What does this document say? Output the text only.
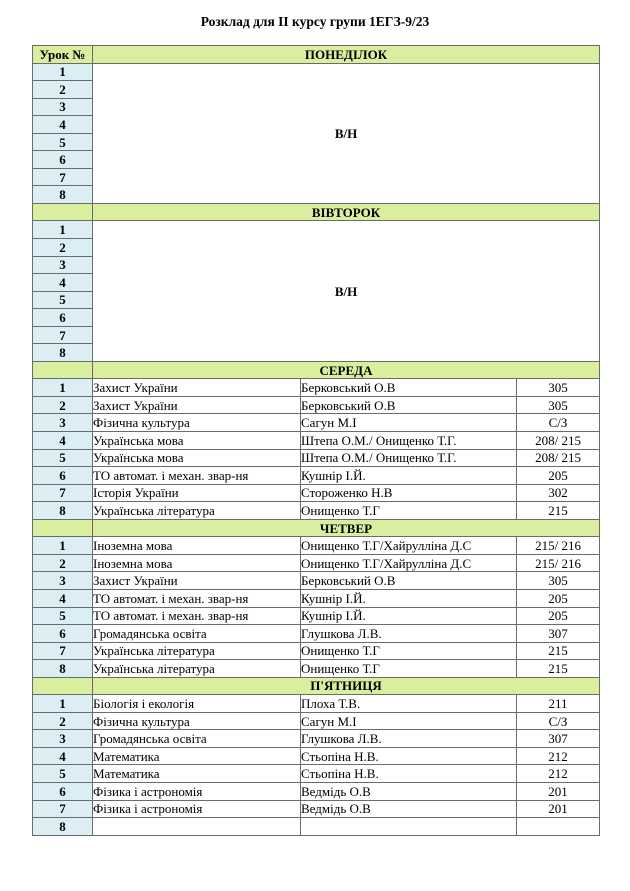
Розклад для ІІ курсу групи 1ЕГЗ-9/23
Урок №	ПОНЕДІЛОК		
1	В/Н		
2			
3			
4			
5			
6			
7			
8			
	ВІВТОРОК		
1	В/Н		
2			
3			
4			
5			
6			
7			
8			
	СЕРЕДА		
1	Захист України	Берковський О.В	305
2	Захист України	Берковський О.В	305
3	Фізична культура	Сагун М.І	С/З
4	Українська мова	Штепа О.М./ Онищенко Т.Г.	208/ 215
5	Українська мова	Штепа О.М./ Онищенко Т.Г.	208/ 215
6	ТО автомат. і механ. звар-ня	Кушнір І.Й.	205
7	Історія України	Стороженко Н.В	302
8	Українська література	Онищенко Т.Г	215
	ЧЕТВЕР		
1	Іноземна мова	Онищенко Т.Г/Хайрулліна Д.С	215/ 216
2	Іноземна мова	Онищенко Т.Г/Хайрулліна Д.С	215/ 216
3	Захист України	Берковський О.В	305
4	ТО автомат. і механ. звар-ня	Кушнір І.Й.	205
5	ТО автомат. і механ. звар-ня	Кушнір І.Й.	205
6	Громадянська освіта	Глушкова Л.В.	307
7	Українська література	Онищенко Т.Г	215
8	Українська література	Онищенко Т.Г	215
	П'ЯТНИЦЯ		
1	Біологія і екологія	Плоха Т.В.	211
2	Фізична культура	Сагун М.І	С/З
3	Громадянська освіта	Глушкова Л.В.	307
4	Математика	Стьопіна Н.В.	212
5	Математика	Стьопіна Н.В.	212
6	Фізика і астрономія	Ведмідь О.В	201
7	Фізика і астрономія	Ведмідь О.В	201
8			
